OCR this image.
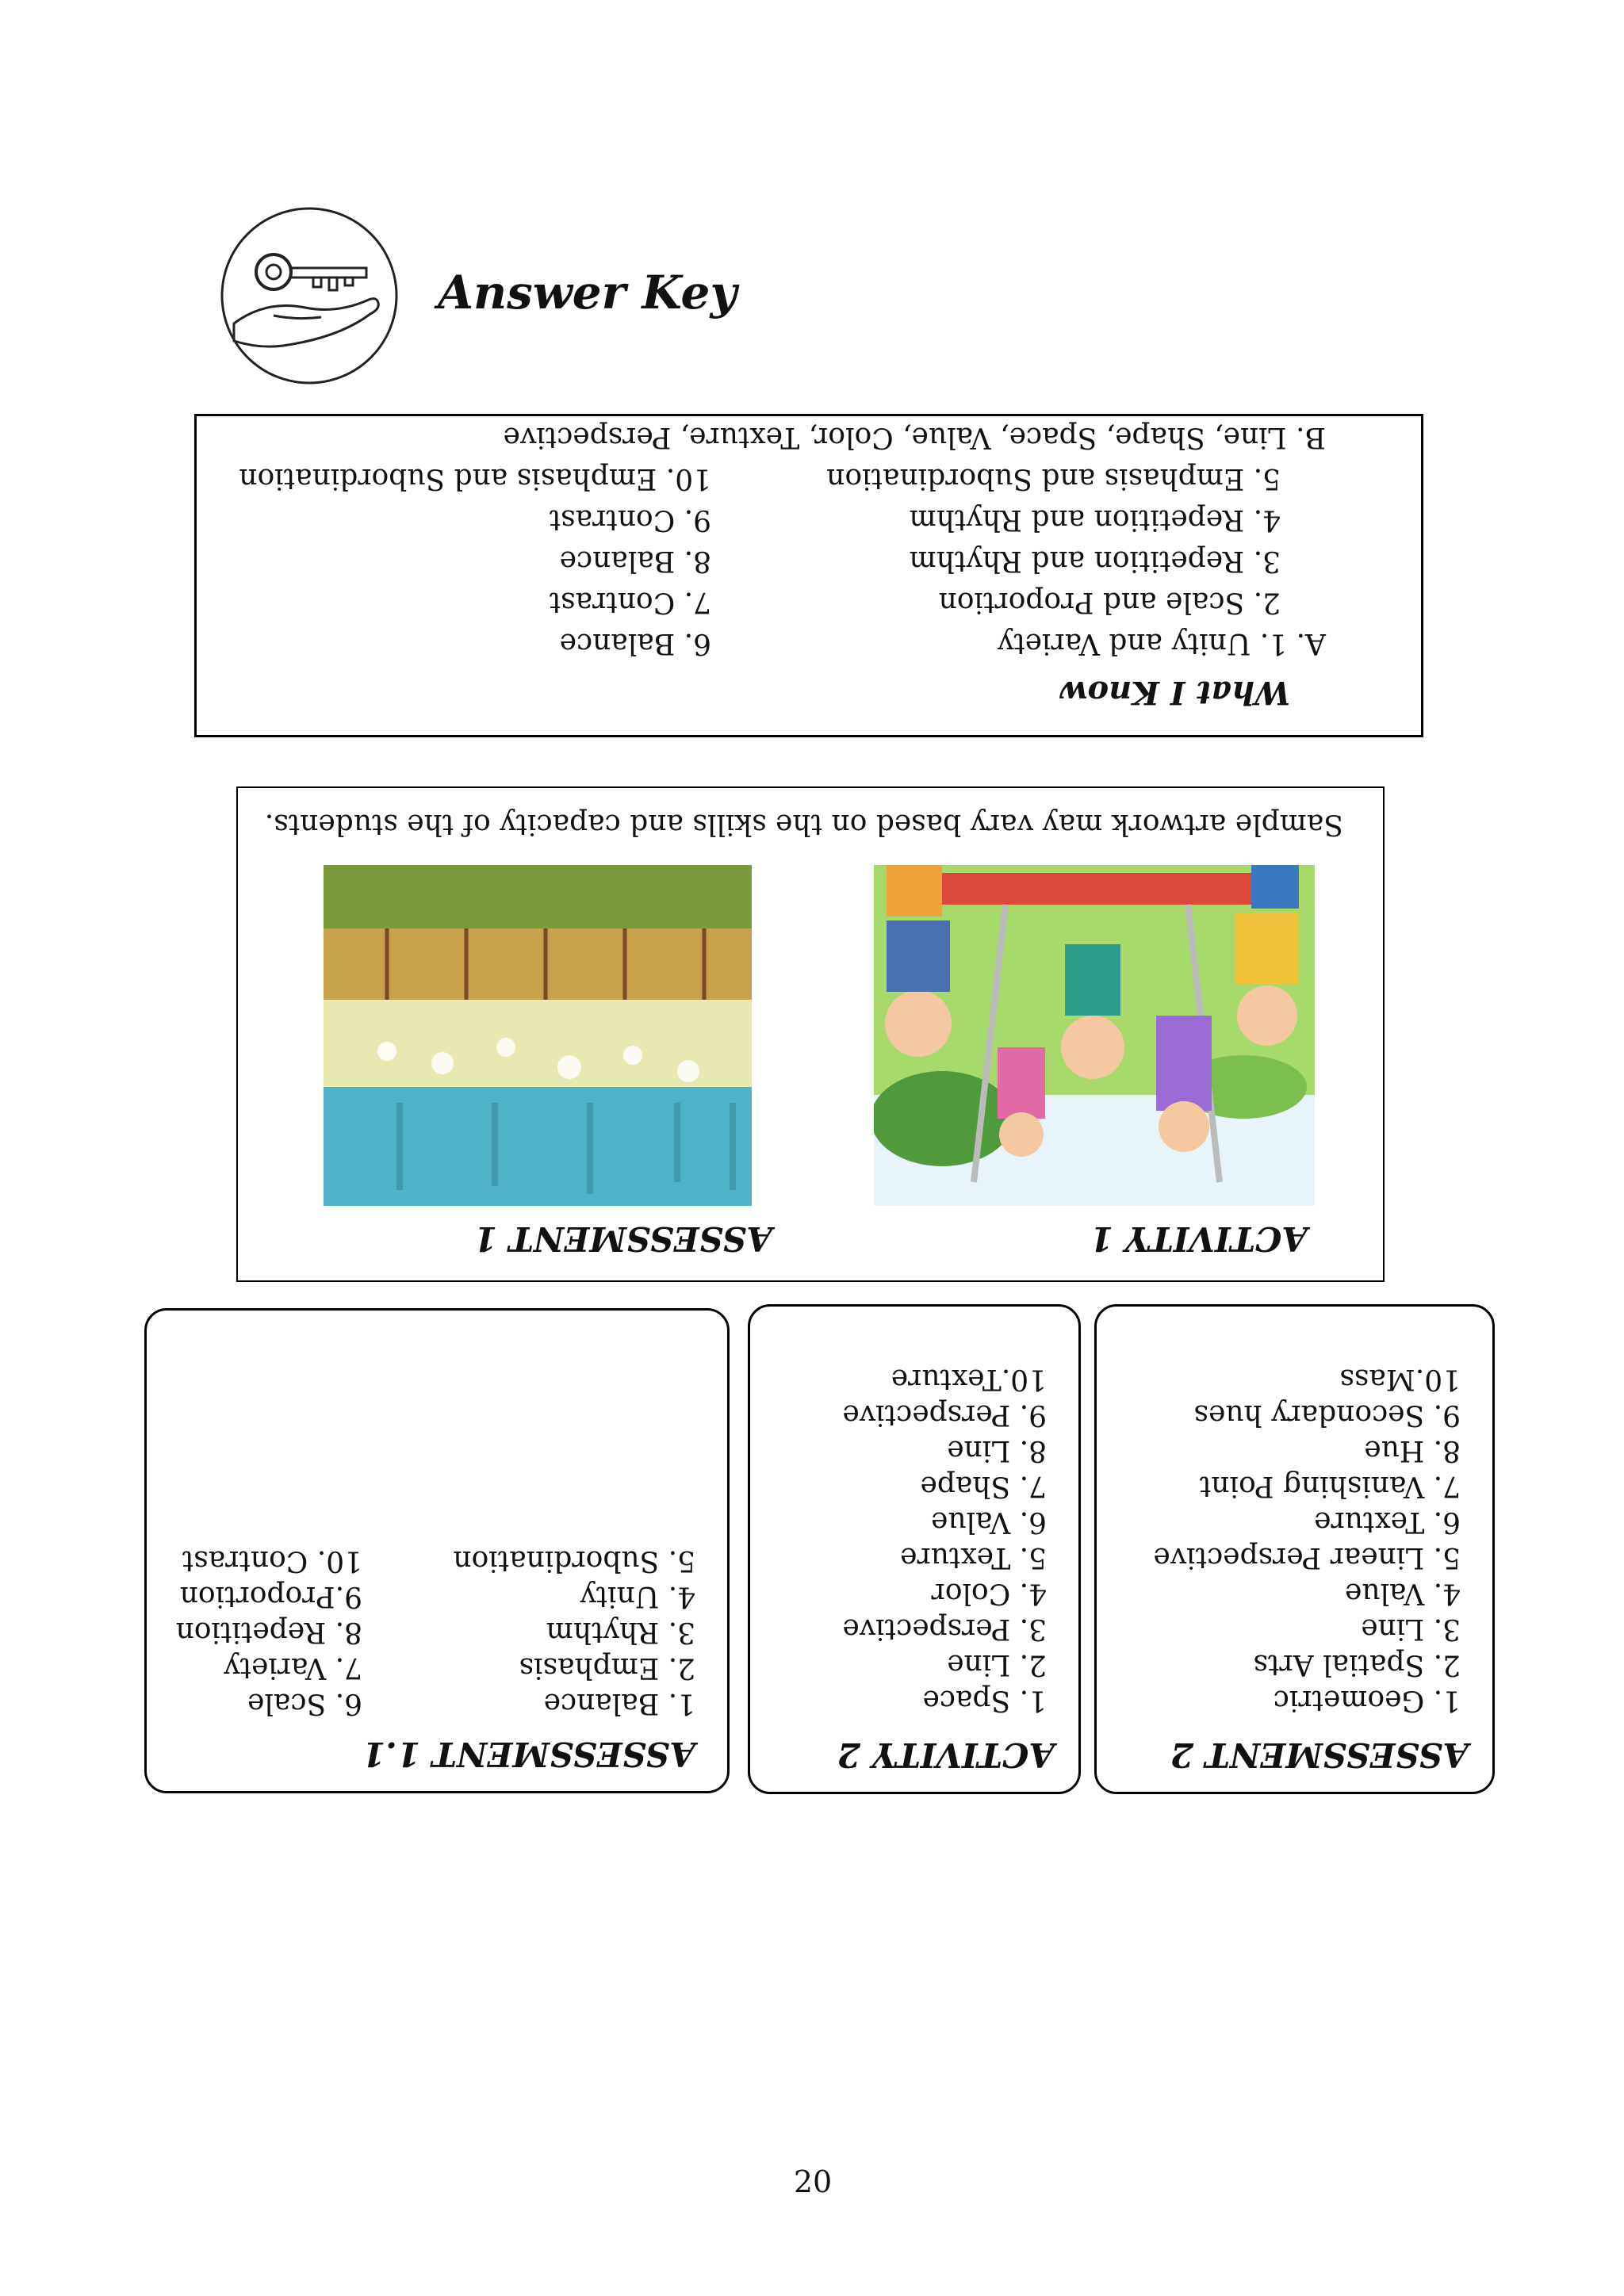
Answer Key
What I Know
A. 1. Unity and Variety
2. Scale and Proportion
3. Repetition and Rhythm
4. Repetition and Rhythm
5. Emphasis and Subordination
6. Balance
7. Contrast
8. Balance
9. Contrast
10. Emphasis and Subordination
B. Line, Shape, Space, Value, Color, Texture, Perspective
ACTIVITY 1
ASSESSMENT 1
Sample artwork may vary based on the skills and capacity of the students.
ASSESSMENT 2
1. Geometric
2. Spatial Arts
3. Line
4. Value
5. Linear Perspective
6. Texture
7. Vanishing Point
8. Hue
9. Secondary hues
10.Mass
ACTIVITY 2
1. Space
2. Line
3. Perspective
4. Color
5. Texture
6. Value
7. Shape
8. Line
9. Perspective
10.Texture
ASSESSMENT 1.1
1. Balance
2. Emphasis
3. Rhythm
4. Unity
5. Subordination
6. Scale
7. Variety
8. Repetition
9.Proportion
10. Contrast
20
